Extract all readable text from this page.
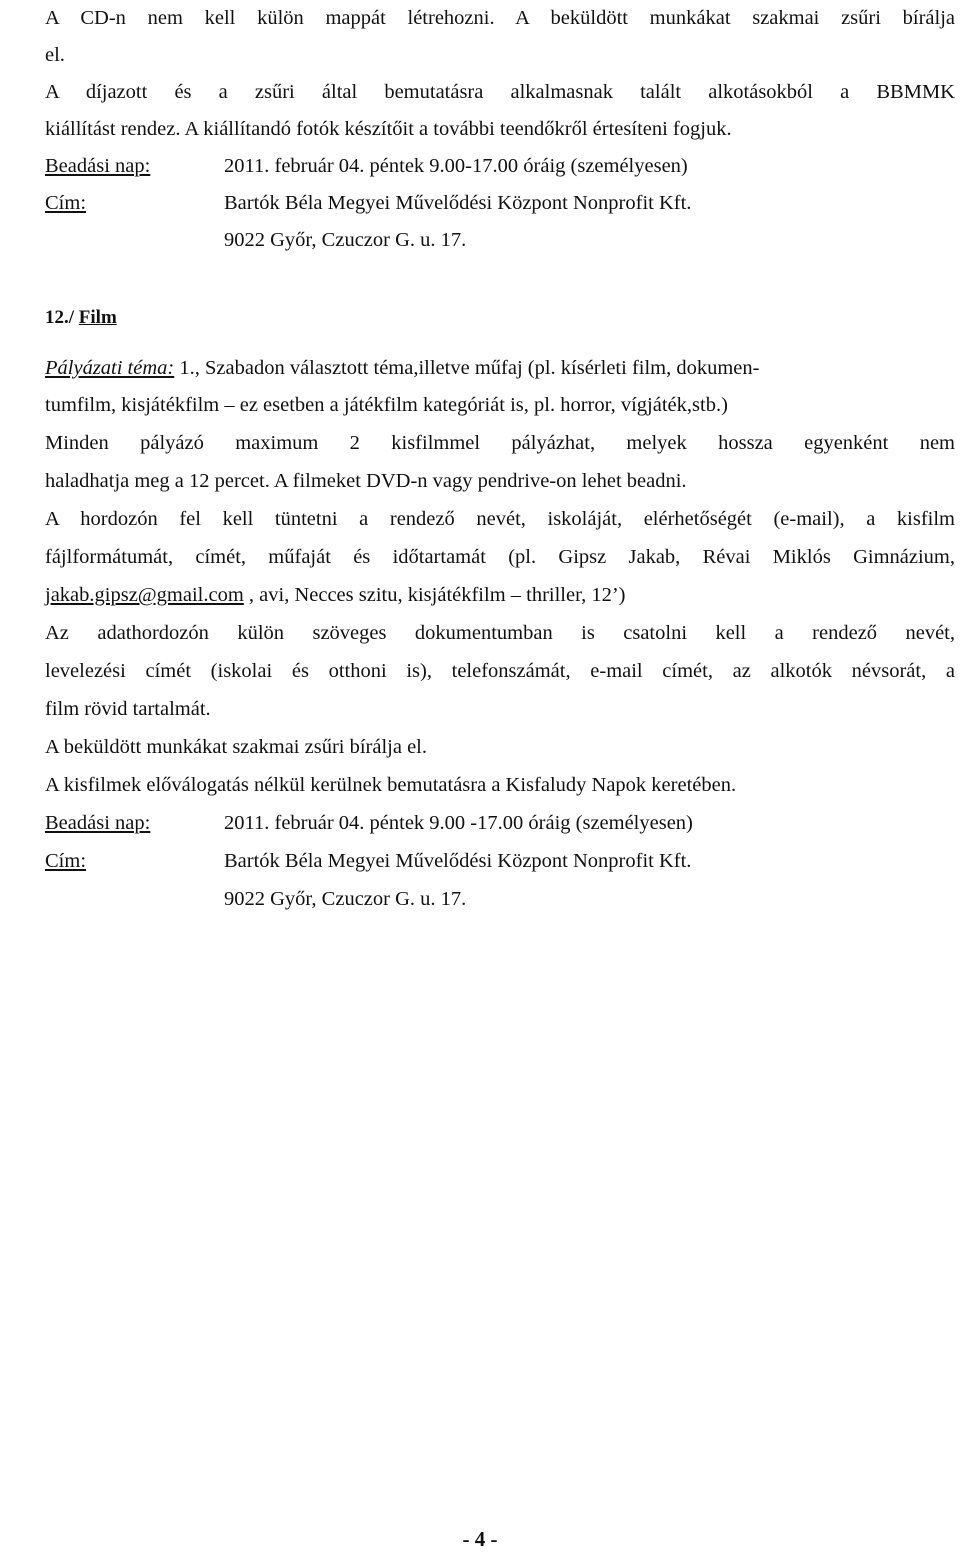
A CD-n nem kell külön mappát létrehozni. A beküldött munkákat szakmai zsűri bírálja
el.
A díjazott és a zsűri által bemutatásra alkalmasnak talált alkotásokból a BBMMK
kiállítást rendez. A kiállítandó fotók készítőit a további teendőkről értesíteni fogjuk.
Beadási nap:	2011. február 04. péntek 9.00-17.00 óráig (személyesen)
Cím:	Bartók Béla Megyei Művelődési Központ Nonprofit Kft.
9022 Győr, Czuczor G. u. 17.
12./ Film
Pályázati téma: 1., Szabadon választott téma,illetve műfaj (pl. kísérleti film, dokumen-
tumfilm, kisjátékfilm – ez esetben a játékfilm kategóriát is, pl. horror, vígjáték,stb.)
Minden pályázó maximum 2 kisfilmmel pályázhat, melyek hossza egyenként nem
haladhatja meg a 12 percet. A filmeket DVD-n vagy pendrive-on lehet beadni.
A hordozón fel kell tüntetni a rendező nevét, iskoláját, elérhetőségét (e-mail), a kisfilm
fájlformátumát, címét, műfaját és időtartamát (pl. Gipsz Jakab, Révai Miklós Gimnázium,
jakab.gipsz@gmail.com , avi, Necces szitu, kisjátékfilm – thriller, 12’)
Az adathordozón külön szöveges dokumentumban is csatolni kell a rendező nevét,
levelezési címét (iskolai és otthoni is), telefonszámát, e-mail címét, az alkotók névsorát, a
film rövid tartalmát.
A beküldött munkákat szakmai zsűri bírálja el.
A kisfilmek előválogatás nélkül kerülnek bemutatásra a Kisfaludy Napok keretében.
Beadási nap:	2011. február 04. péntek 9.00 -17.00 óráig (személyesen)
Cím:	Bartók Béla Megyei Művelődési Központ Nonprofit Kft.
9022 Győr, Czuczor G. u. 17.
- 4 -
